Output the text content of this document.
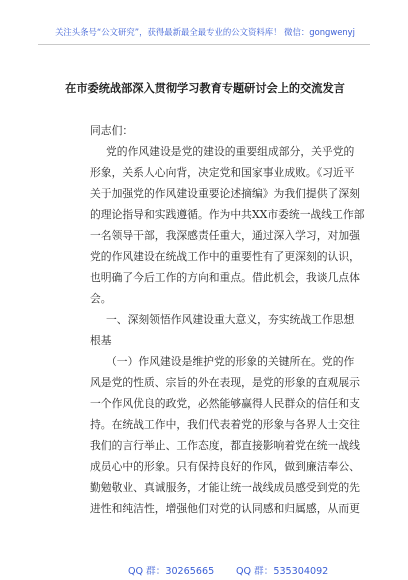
关注头条号“公文研究”，获得最新最全最专业的公文资料库！ 微信：gongwenyj
在市委统战部深入贯彻学习教育专题研讨会上的交流发言
同志们：
党的作风建设是党的建设的重要组成部分，关乎党的
形象，关系人心向背，决定党和国家事业成败。《习近平
关于加强党的作风建设重要论述摘编》为我们提供了深刻
的理论指导和实践遵循。作为中共XX市委统一战线工作部
一名领导干部，我深感责任重大，通过深入学习，对加强
党的作风建设在统战工作中的重要性有了更深刻的认识，
也明确了今后工作的方向和重点。借此机会，我谈几点体
会。
一、深刻领悟作风建设重大意义，夯实统战工作思想
根基
（一）作风建设是维护党的形象的关键所在。党的作
风是党的性质、宗旨的外在表现，是党的形象的直观展示
一个作风优良的政党，必然能够赢得人民群众的信任和支
持。在统战工作中，我们代表着党的形象与各界人士交往
我们的言行举止、工作态度，都直接影响着党在统一战线
成员心中的形象。只有保持良好的作风，做到廉洁奉公、
勤勉敬业、真诚服务，才能让统一战线成员感受到党的先
进性和纯洁性，增强他们对党的认同感和归属感，从而更
QQ 群：30265665 QQ 群：535304092
